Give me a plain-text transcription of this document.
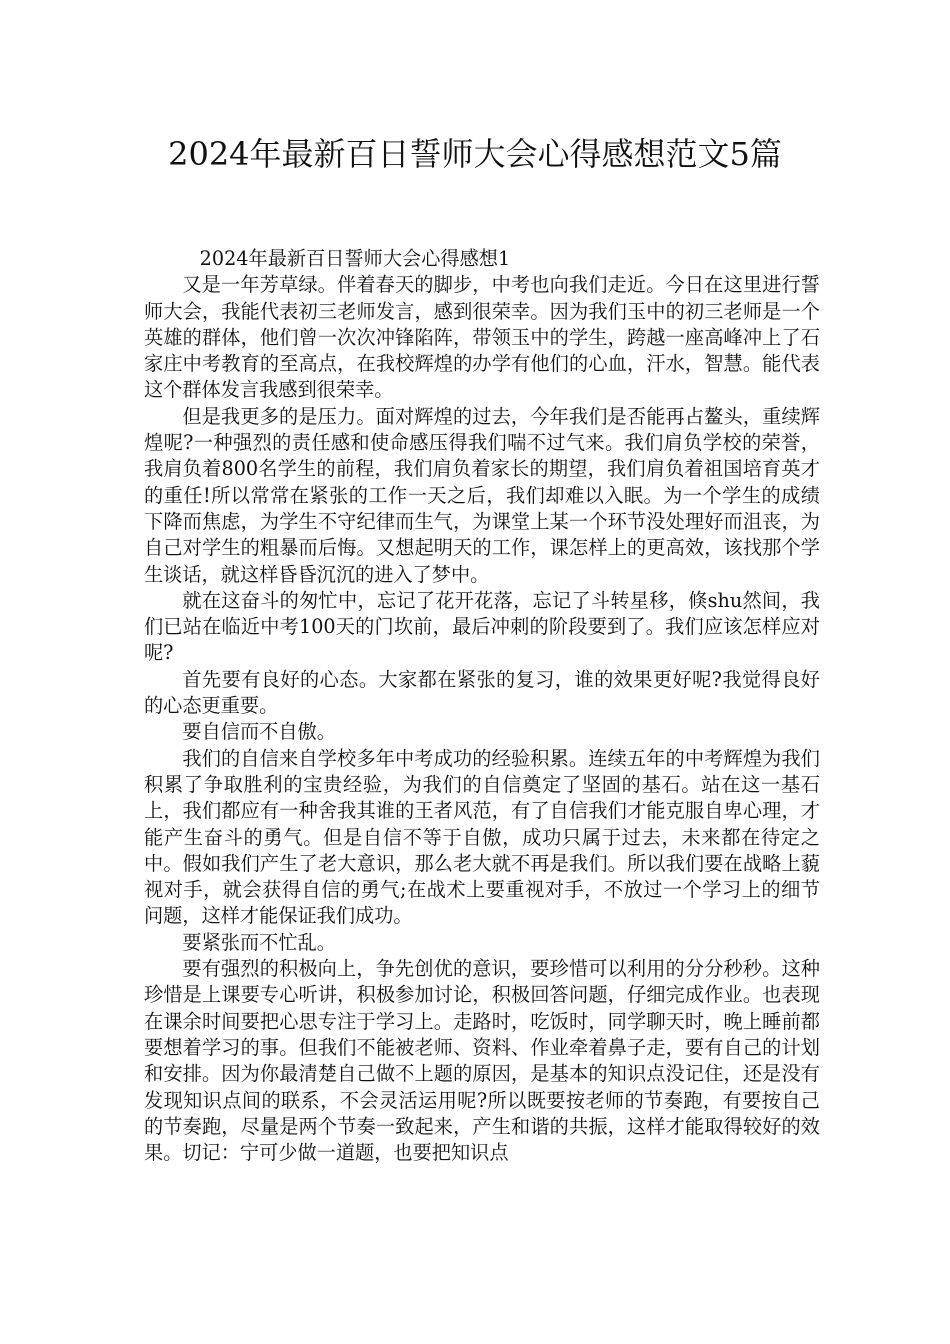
2024年最新百日誓师大会心得感想范文5篇

2024年最新百日誓师大会心得感想1

又是一年芳草绿。伴着春天的脚步，中考也向我们走近。今日在这里进行誓师大会，我能代表初三老师发言，感到很荣幸。因为我们玉中的初三老师是一个英雄的群体，他们曾一次次冲锋陷阵，带领玉中的学生，跨越一座高峰冲上了石家庄中考教育的至高点，在我校辉煌的办学有他们的心血，汗水，智慧。能代表这个群体发言我感到很荣幸。

但是我更多的是压力。面对辉煌的过去，今年我们是否能再占鳌头，重续辉煌呢?一种强烈的责任感和使命感压得我们喘不过气来。我们肩负学校的荣誉，我肩负着800名学生的前程，我们肩负着家长的期望，我们肩负着祖国培育英才的重任!所以常常在紧张的工作一天之后，我们却难以入眠。为一个学生的成绩下降而焦虑，为学生不守纪律而生气，为课堂上某一个环节没处理好而沮丧，为自己对学生的粗暴而后悔。又想起明天的工作，课怎样上的更高效，该找那个学生谈话，就这样昏昏沉沉的进入了梦中。

就在这奋斗的匆忙中，忘记了花开花落，忘记了斗转星移，倏shu然间，我们已站在临近中考100天的门坎前，最后冲刺的阶段要到了。我们应该怎样应对呢?

首先要有良好的心态。大家都在紧张的复习，谁的效果更好呢?我觉得良好的心态更重要。

要自信而不自傲。

我们的自信来自学校多年中考成功的经验积累。连续五年的中考辉煌为我们积累了争取胜利的宝贵经验，为我们的自信奠定了坚固的基石。站在这一基石上，我们都应有一种舍我其谁的王者风范，有了自信我们才能克服自卑心理，才能产生奋斗的勇气。但是自信不等于自傲，成功只属于过去，未来都在待定之中。假如我们产生了老大意识，那么老大就不再是我们。所以我们要在战略上藐视对手，就会获得自信的勇气;在战术上要重视对手，不放过一个学习上的细节问题，这样才能保证我们成功。

要紧张而不忙乱。

要有强烈的积极向上，争先创优的意识，要珍惜可以利用的分分秒秒。这种珍惜是上课要专心听讲，积极参加讨论，积极回答问题，仔细完成作业。也表现在课余时间要把心思专注于学习上。走路时，吃饭时，同学聊天时，晚上睡前都要想着学习的事。但我们不能被老师、资料、作业牵着鼻子走，要有自己的计划和安排。因为你最清楚自己做不上题的原因，是基本的知识点没记住，还是没有发现知识点间的联系，不会灵活运用呢?所以既要按老师的节奏跑，有要按自己的节奏跑，尽量是两个节奏一致起来，产生和谐的共振，这样才能取得较好的效果。切记：宁可少做一道题，也要把知识点
